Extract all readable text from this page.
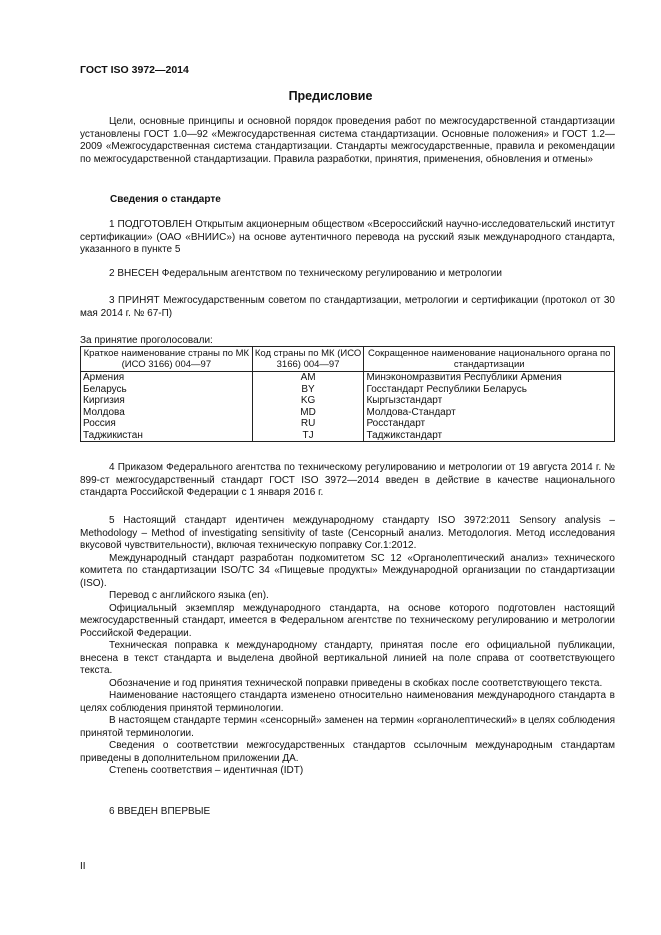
ГОСТ ISO 3972—2014
Предисловие
Цели, основные принципы и основной порядок проведения работ по межгосударственной стандартизации установлены ГОСТ 1.0—92 «Межгосударственная система стандартизации. Основные положения» и ГОСТ 1.2—2009 «Межгосударственная система стандартизации. Стандарты межгосударственные, правила и рекомендации по межгосударственной стандартизации. Правила разработки, принятия, применения, обновления и отмены»
Сведения о стандарте
1 ПОДГОТОВЛЕН Открытым акционерным обществом «Всероссийский научно-исследовательский институт сертификации» (ОАО «ВНИИС») на основе аутентичного перевода на русский язык международного стандарта, указанного в пункте 5
2 ВНЕСЕН Федеральным агентством по техническому регулированию и метрологии
3 ПРИНЯТ Межгосударственным советом по стандартизации, метрологии и сертификации (протокол от 30 мая 2014 г. № 67-П)
За принятие проголосовали:
Краткое наименование страны по МК (ИСО 3166) 004—97	Код страны по МК (ИСО 3166) 004—97	Сокращенное наименование национального органа по стандартизации
Армения	AM	Минэкономразвития Республики Армения
Беларусь	BY	Госстандарт Республики Беларусь
Киргизия	KG	Кыргызстандарт
Молдова	MD	Молдова-Стандарт
Россия	RU	Росстандарт
Таджикистан	TJ	Таджикстандарт
4 Приказом Федерального агентства по техническому регулированию и метрологии от 19 августа 2014 г. № 899-ст межгосударственный стандарт ГОСТ ISO 3972—2014 введен в действие в качестве национального стандарта Российской Федерации с 1 января 2016 г.

5 Настоящий стандарт идентичен международному стандарту ISO 3972:2011 Sensory analysis – Methodology – Method of investigating sensitivity of taste (Сенсорный анализ. Методология. Метод исследования вкусовой чувствительности), включая техническую поправку Cor.1:2012.

Международный стандарт разработан подкомитетом SC 12 «Органолептический анализ» технического комитета по стандартизации ISO/TC 34 «Пищевые продукты» Международной организации по стандартизации (ISO).

Перевод с английского языка (en).

Официальный экземпляр международного стандарта, на основе которого подготовлен настоящий межгосударственный стандарт, имеется в Федеральном агентстве по техническому регулированию и метрологии Российской Федерации.

Техническая поправка к международному стандарту, принятая после его официальной публикации, внесена в текст стандарта и выделена двойной вертикальной линией на поле справа от соответствующего текста.

Обозначение и год принятия технической поправки приведены в скобках после соответствующего текста.

Наименование настоящего стандарта изменено относительно наименования международного стандарта в целях соблюдения принятой терминологии.

В настоящем стандарте термин «сенсорный» заменен на термин «органолептический» в целях соблюдения принятой терминологии.

Сведения о соответствии межгосударственных стандартов ссылочным международным стандартам приведены в дополнительном приложении ДА.

Степень соответствия – идентичная (IDT)

6 ВВЕДЕН ВПЕРВЫЕ
II
